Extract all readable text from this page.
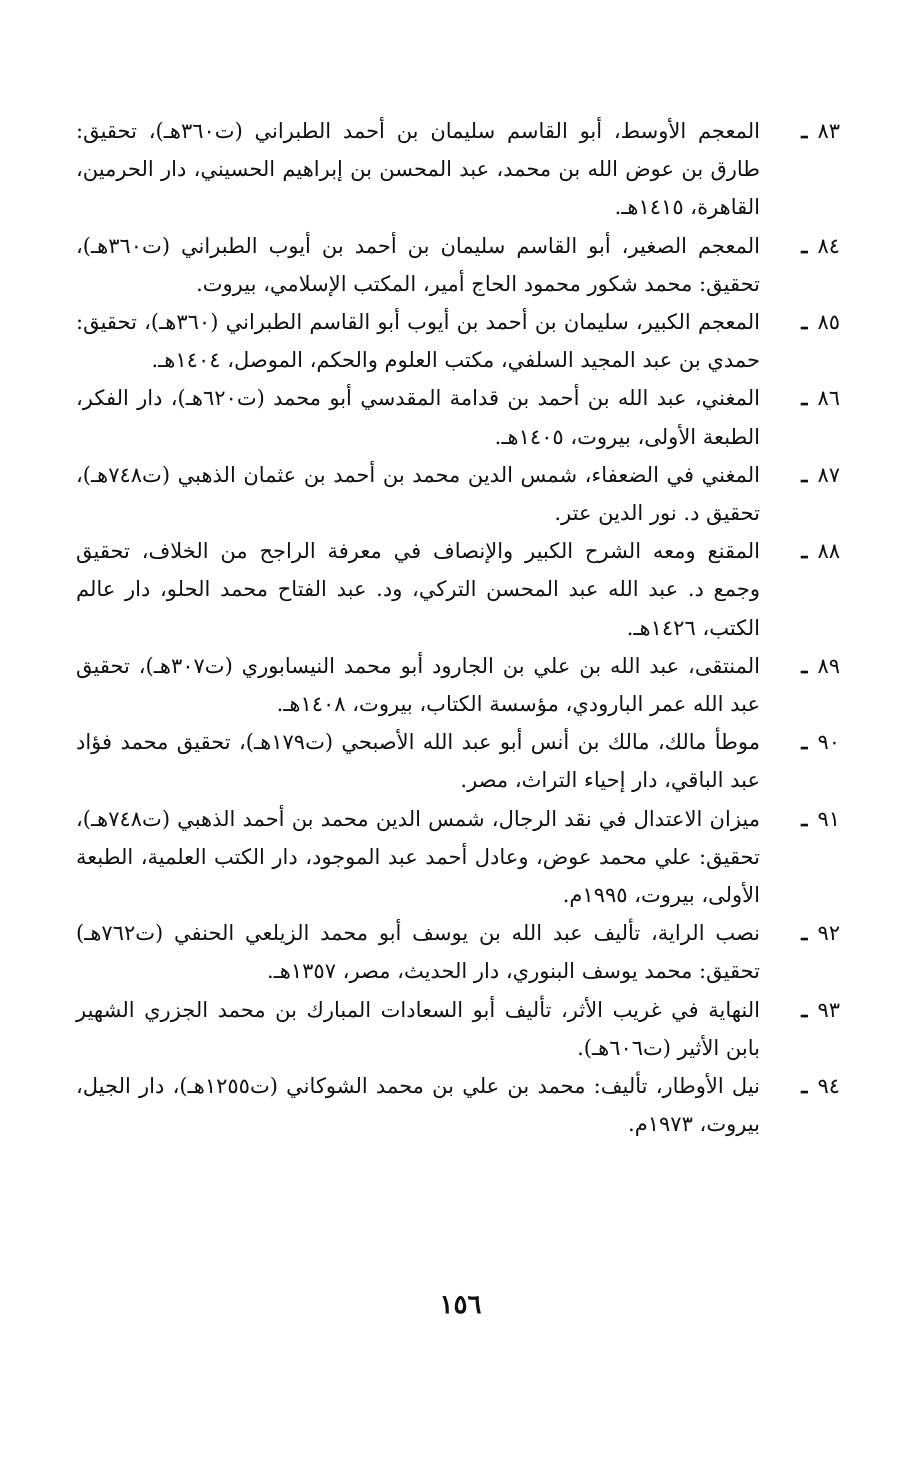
٨٣
ـ
المعجم الأوسط، أبو القاسم سليمان بن أحمد الطبراني (ت٣٦٠هـ)، تحقيق: طارق بن عوض الله بن محمد، عبد المحسن بن إبراهيم الحسيني، دار الحرمين، القاهرة، ١٤١٥هـ.
٨٤
ـ
المعجم الصغير، أبو القاسم سليمان بن أحمد بن أيوب الطبراني (ت٣٦٠هـ)، تحقيق: محمد شكور محمود الحاج أمير، المكتب الإسلامي، بيروت.
٨٥
ـ
المعجم الكبير، سليمان بن أحمد بن أيوب أبو القاسم الطبراني (٣٦٠هـ)، تحقيق: حمدي بن عبد المجيد السلفي، مكتب العلوم والحكم، الموصل، ١٤٠٤هـ.
٨٦
ـ
المغني، عبد الله بن أحمد بن قدامة المقدسي أبو محمد (ت٦٢٠هـ)، دار الفكر، الطبعة الأولى، بيروت، ١٤٠٥هـ.
٨٧
ـ
المغني في الضعفاء، شمس الدين محمد بن أحمد بن عثمان الذهبي (ت٧٤٨هـ)، تحقيق د. نور الدين عتر.
٨٨
ـ
المقنع ومعه الشرح الكبير والإنصاف في معرفة الراجح من الخلاف، تحقيق وجمع د. عبد الله عبد المحسن التركي، ود. عبد الفتاح محمد الحلو، دار عالم الكتب، ١٤٢٦هـ.
٨٩
ـ
المنتقى، عبد الله بن علي بن الجارود أبو محمد النيسابوري (ت٣٠٧هـ)، تحقيق عبد الله عمر البارودي، مؤسسة الكتاب، بيروت، ١٤٠٨هـ.
٩٠
ـ
موطأ مالك، مالك بن أنس أبو عبد الله الأصبحي (ت١٧٩هـ)، تحقيق محمد فؤاد عبد الباقي، دار إحياء التراث، مصر.
٩١
ـ
ميزان الاعتدال في نقد الرجال، شمس الدين محمد بن أحمد الذهبي (ت٧٤٨هـ)، تحقيق: علي محمد عوض، وعادل أحمد عبد الموجود، دار الكتب العلمية، الطبعة الأولى، بيروت، ١٩٩٥م.
٩٢
ـ
نصب الراية، تأليف عبد الله بن يوسف أبو محمد الزيلعي الحنفي (ت٧٦٢هـ) تحقيق: محمد يوسف البنوري، دار الحديث، مصر، ١٣٥٧هـ.
٩٣
ـ
النهاية في غريب الأثر، تأليف أبو السعادات المبارك بن محمد الجزري الشهير بابن الأثير (ت٦٠٦هـ).
٩٤
ـ
نيل الأوطار، تأليف: محمد بن علي بن محمد الشوكاني (ت١٢٥٥هـ)، دار الجيل، بيروت، ١٩٧٣م.
١٥٦
